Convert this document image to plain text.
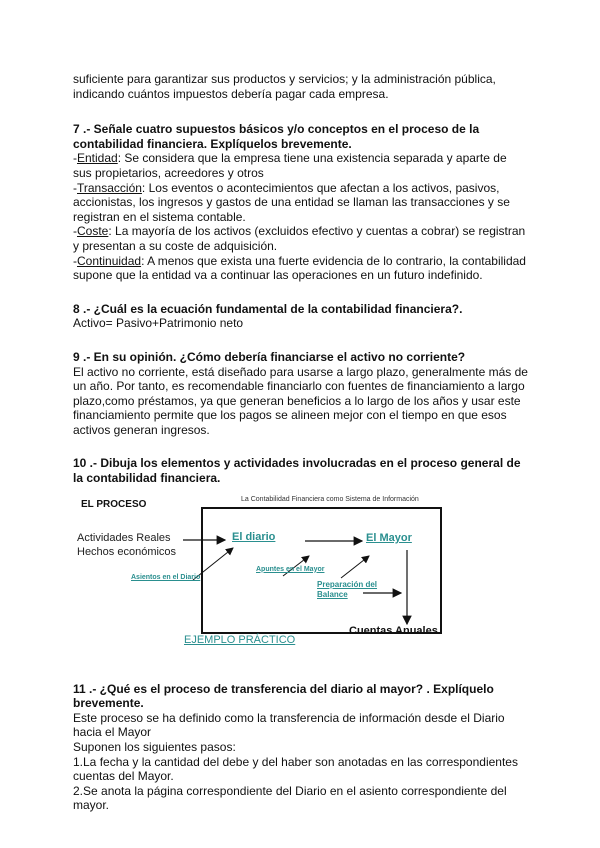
suficiente para garantizar sus productos y servicios; y la administración pública,

indicando cuántos impuestos debería pagar cada empresa.

7 .- Señale cuatro supuestos básicos y/o conceptos en el proceso de la contabilidad financiera. Explíquelos brevemente.

-Entidad: Se considera que la empresa tiene una existencia separada y aparte de sus propietarios, acreedores y otros

-Transacción: Los eventos o acontecimientos que afectan a los activos, pasivos, accionistas, los ingresos y gastos de una entidad se llaman las transacciones y se registran en el sistema contable.

-Coste: La mayoría de los activos (excluidos efectivo y cuentas a cobrar) se registran y presentan a su coste de adquisición.

-Continuidad: A menos que exista una fuerte evidencia de lo contrario, la contabilidad supone que la entidad va a continuar las operaciones en un futuro indefinido.

8 .- ¿Cuál es la ecuación fundamental de la contabilidad financiera?.

Activo= Pasivo+Patrimonio neto

9 .- En su opinión. ¿Cómo debería financiarse el activo no corriente?

El activo no corriente, está diseñado para usarse a largo plazo, generalmente más de un año. Por tanto, es recomendable financiarlo con fuentes de financiamiento a largo plazo,como préstamos, ya que generan beneficios a lo largo de los años y usar este financiamiento permite que los pagos se alineen mejor con el tiempo en que esos activos generan ingresos.

10 .- Dibuja los elementos y actividades involucradas en el proceso general de la contabilidad financiera.

EL PROCESO	La Contabilidad Financiera como Sistema de Información
Actividades Reales
Hechos económicos
El diario	El Mayor
Asientos en el Diario
Apuntes en el Mayor
Preparación del
Balance
Cuentas Anuales
EJEMPLO PRÁCTICO

11 .- ¿Qué es el proceso de transferencia del diario al mayor? . Explíquelo brevemente.

Este proceso se ha definido como la transferencia de información desde el Diario hacia el Mayor

Suponen los siguientes pasos:

1.La fecha y la cantidad del debe y del haber son anotadas en las correspondientes cuentas del Mayor.

2.Se anota la página correspondiente del Diario en el asiento correspondiente del mayor.
